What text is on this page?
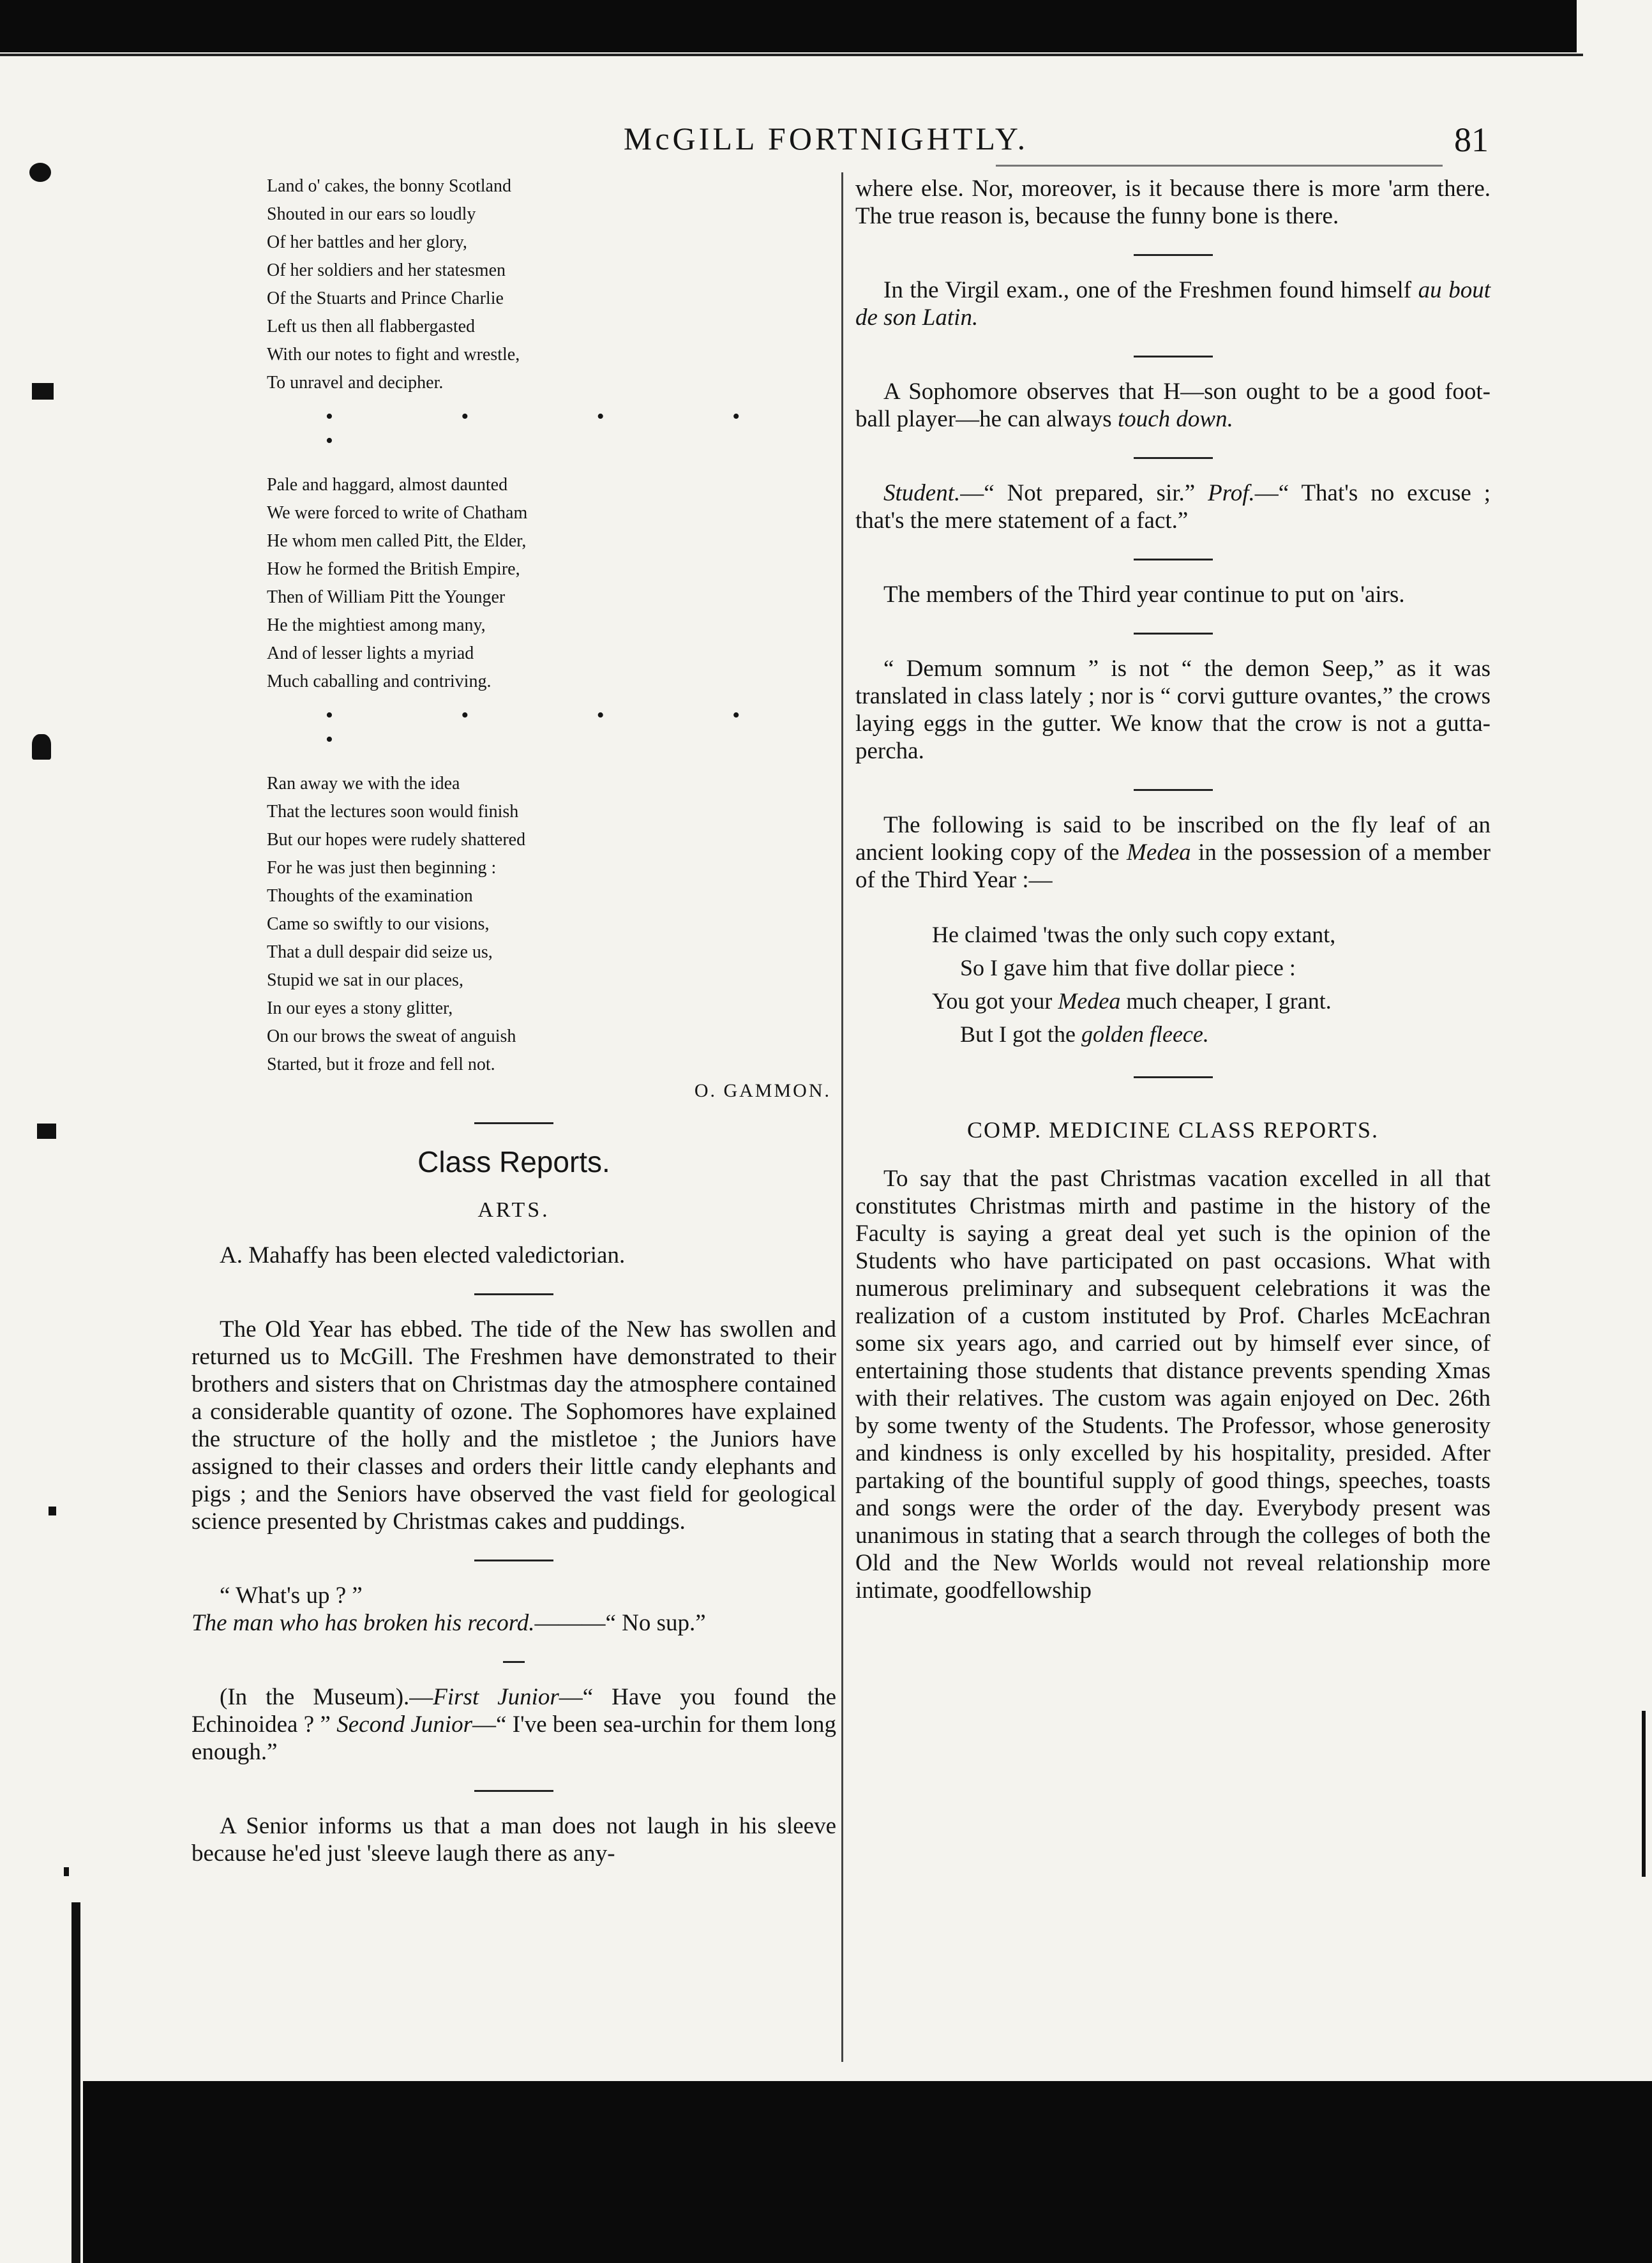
McGILL FORTNIGHTLY.	81
Land o' cakes, the bonny Scotland
Shouted in our ears so loudly
Of her battles and her glory,
Of her soldiers and her statesmen
Of the Stuarts and Prince Charlie
Left us then all flabbergasted
With our notes to fight and wrestle,
To unravel and decipher.
• • • • •
Pale and haggard, almost daunted
We were forced to write of Chatham
He whom men called Pitt, the Elder,
How he formed the British Empire,
Then of William Pitt the Younger
He the mightiest among many,
And of lesser lights a myriad
Much caballing and contriving.
• • • • •
Ran away we with the idea
That the lectures soon would finish
But our hopes were rudely shattered
For he was just then beginning :
Thoughts of the examination
Came so swiftly to our visions,
That a dull despair did seize us,
Stupid we sat in our places,
In our eyes a stony glitter,
On our brows the sweat of anguish
Started, but it froze and fell not.
O. GAMMON.
Class Reports.
ARTS.

A. Mahaffy has been elected valedictorian.

The Old Year has ebbed. The tide of the New has swollen and returned us to McGill. The Freshmen have demonstrated to their brothers and sisters that on Christmas day the atmosphere contained a considerable quantity of ozone. The Sophomores have explained the structure of the holly and the mistletoe ; the Juniors have assigned to their classes and orders their little candy elephants and pigs ; and the Seniors have observed the vast field for geological science presented by Christmas cakes and puddings.

“ What's up ? ”
The man who has broken his record.———“ No sup.”

(In the Museum).—First Junior—“ Have you found the Echinoidea ? ” Second Junior—“ I've been sea-urchin for them long enough.”

A Senior informs us that a man does not laugh in his sleeve because he'ed just 'sleeve laugh there as any-

where else. Nor, moreover, is it because there is more 'arm there. The true reason is, because the funny bone is there.

In the Virgil exam., one of the Freshmen found himself au bout de son Latin.

A Sophomore observes that H—son ought to be a good foot-ball player—he can always touch down.

Student.—“ Not prepared, sir.” Prof.—“ That's no excuse ; that's the mere statement of a fact.”

The members of the Third year continue to put on 'airs.

“ Demum somnum ” is not “ the demon Seep,” as it was translated in class lately ; nor is “ corvi gutture ovantes,” the crows laying eggs in the gutter. We know that the crow is not a gutta-percha.

The following is said to be inscribed on the fly leaf of an ancient looking copy of the Medea in the possession of a member of the Third Year :—

He claimed 'twas the only such copy extant,
So I gave him that five dollar piece :
You got your Medea much cheaper, I grant.
But I got the golden fleece.
COMP. MEDICINE CLASS REPORTS.

To say that the past Christmas vacation excelled in all that constitutes Christmas mirth and pastime in the history of the Faculty is saying a great deal yet such is the opinion of the Students who have participated on past occasions. What with numerous preliminary and subsequent celebrations it was the realization of a custom instituted by Prof. Charles McEachran some six years ago, and carried out by himself ever since, of entertaining those students that distance prevents spending Xmas with their relatives. The custom was again enjoyed on Dec. 26th by some twenty of the Students. The Professor, whose generosity and kindness is only excelled by his hospitality, presided. After partaking of the bountiful supply of good things, speeches, toasts and songs were the order of the day. Everybody present was unanimous in stating that a search through the colleges of both the Old and the New Worlds would not reveal relationship more intimate, goodfellowship
